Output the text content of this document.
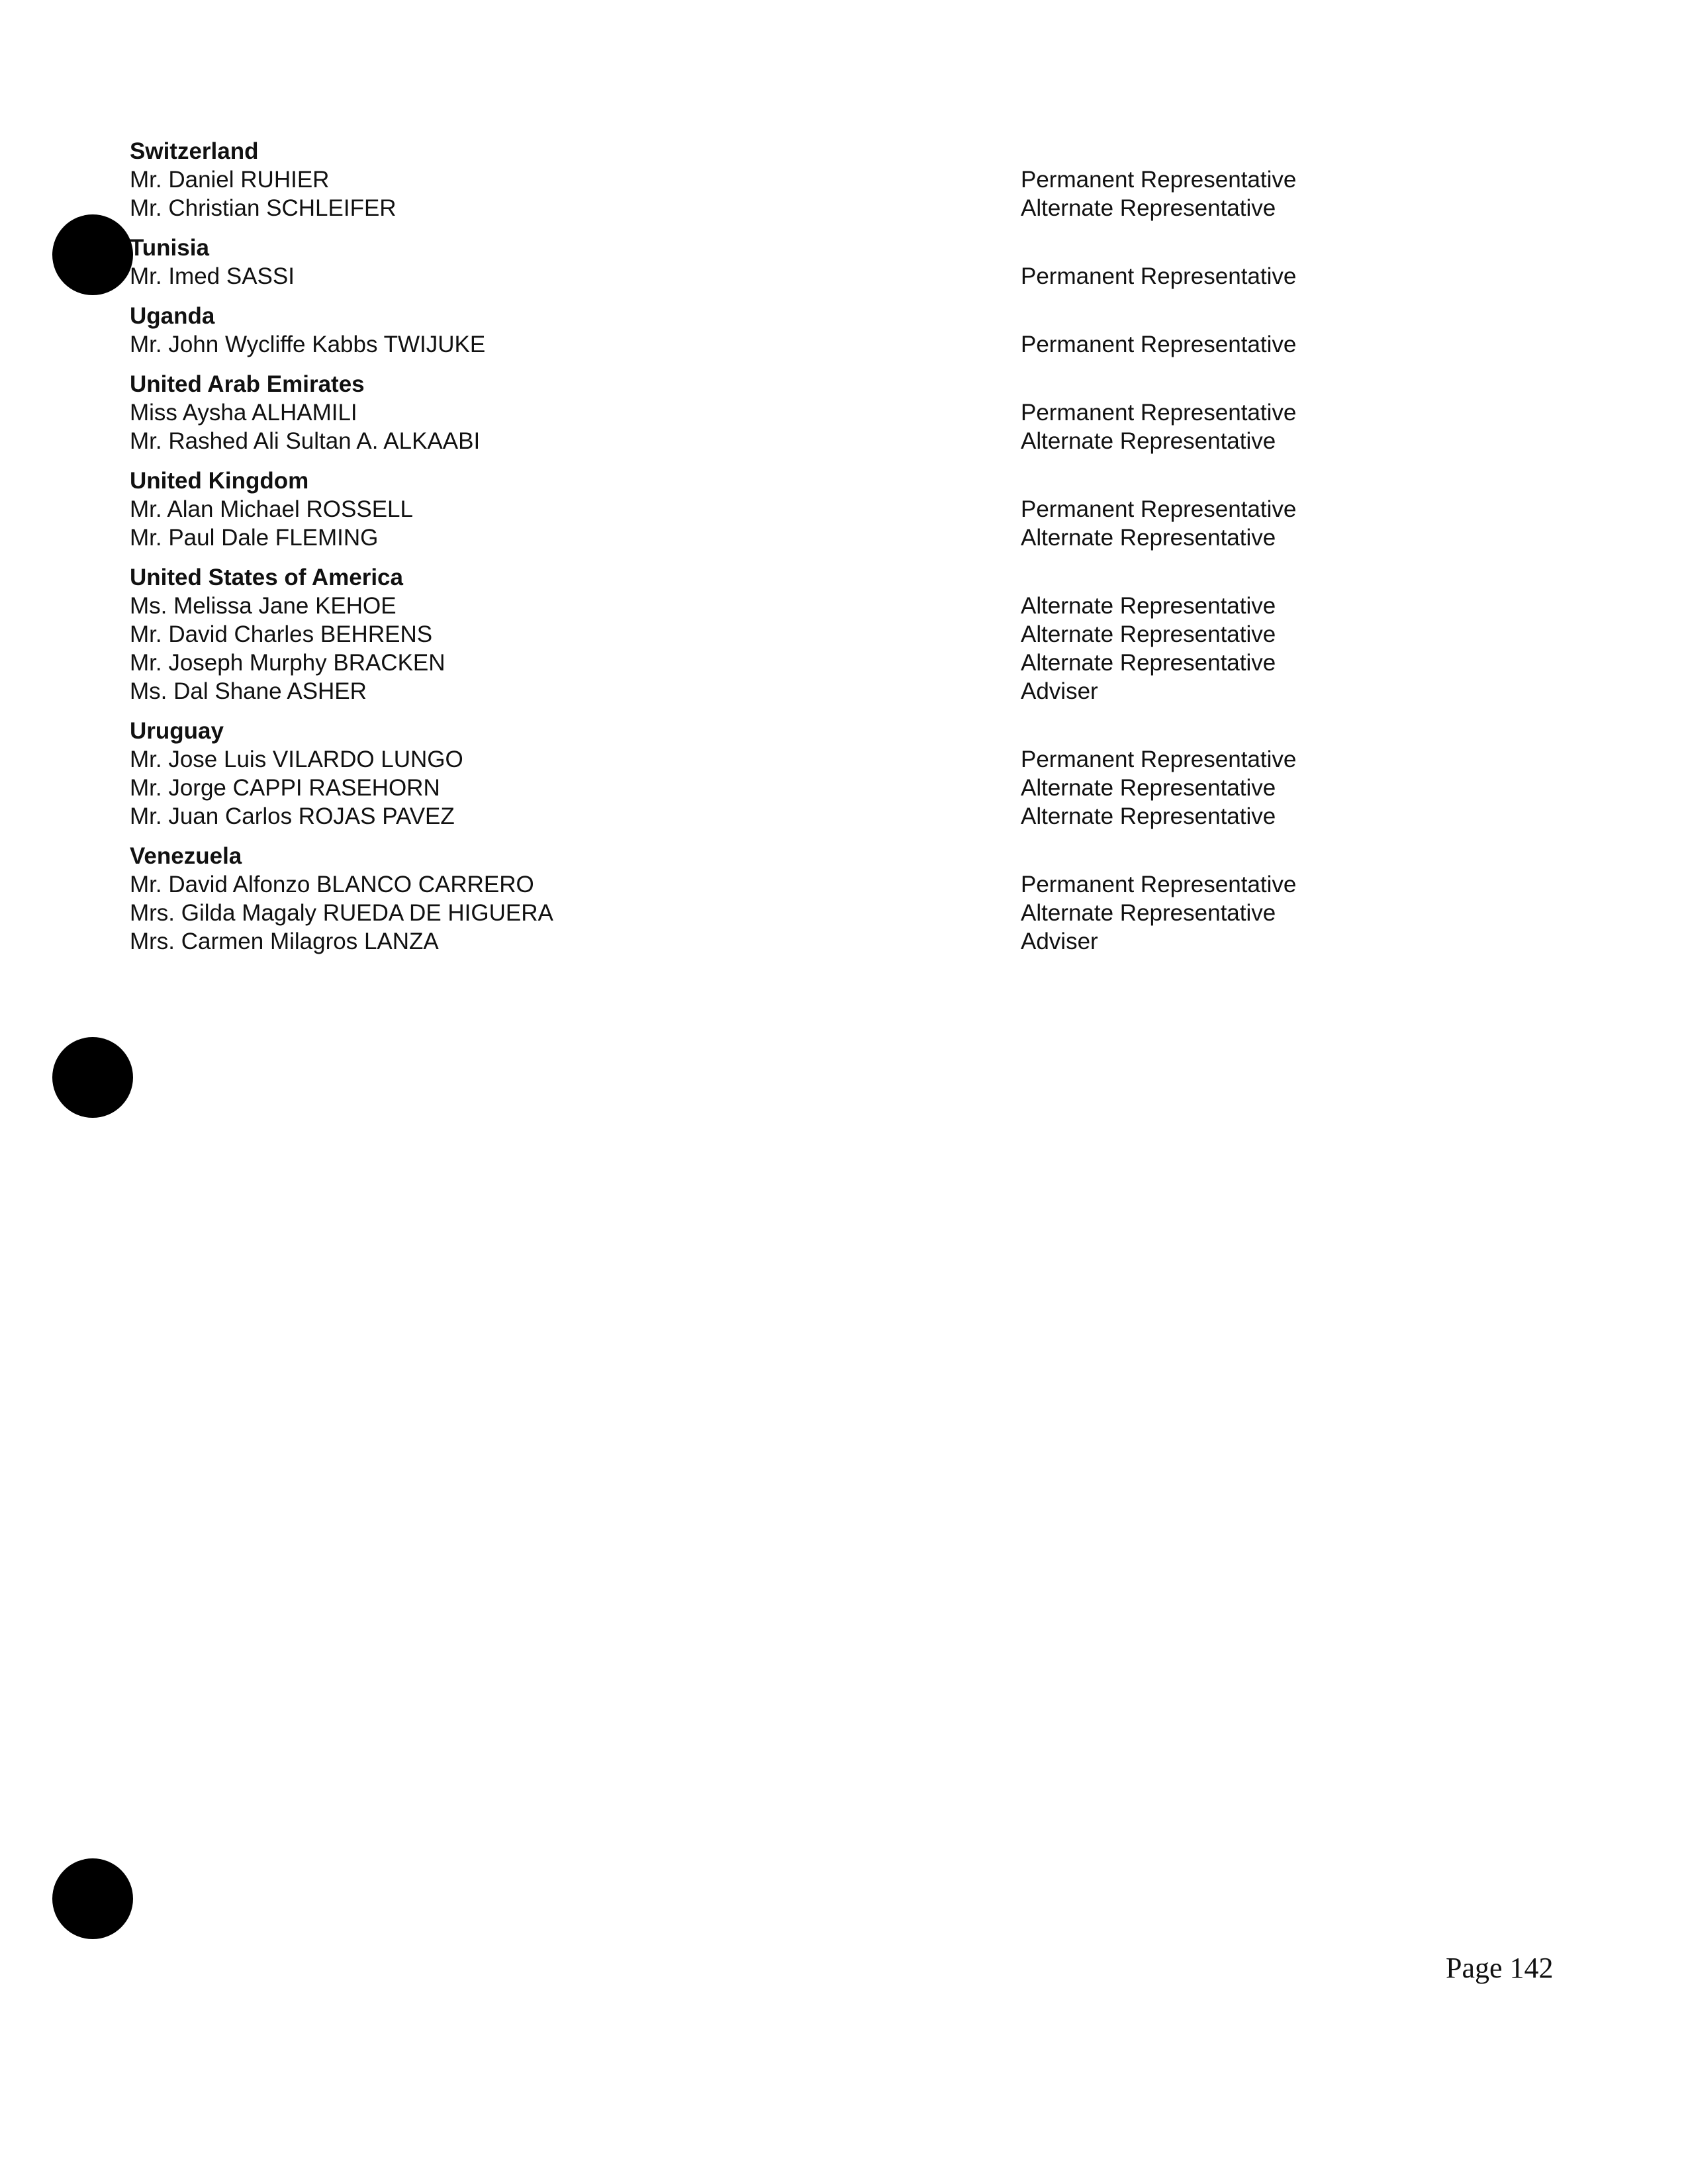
Switzerland
Mr. Daniel RUHIER	Permanent Representative
Mr. Christian SCHLEIFER	Alternate Representative
Tunisia
Mr. Imed SASSI	Permanent Representative
Uganda
Mr. John Wycliffe Kabbs TWIJUKE	Permanent Representative
United Arab Emirates
Miss Aysha ALHAMILI	Permanent Representative
Mr. Rashed Ali Sultan A. ALKAABI	Alternate Representative
United Kingdom
Mr. Alan Michael ROSSELL	Permanent Representative
Mr. Paul Dale FLEMING	Alternate Representative
United States of America
Ms. Melissa Jane KEHOE	Alternate Representative
Mr. David Charles BEHRENS	Alternate Representative
Mr. Joseph Murphy BRACKEN	Alternate Representative
Ms. Dal Shane ASHER	Adviser
Uruguay
Mr. Jose Luis VILARDO LUNGO	Permanent Representative
Mr. Jorge CAPPI RASEHORN	Alternate Representative
Mr. Juan Carlos ROJAS PAVEZ	Alternate Representative
Venezuela
Mr. David Alfonzo BLANCO CARRERO	Permanent Representative
Mrs. Gilda Magaly RUEDA DE HIGUERA	Alternate Representative
Mrs. Carmen Milagros LANZA	Adviser
Page 142
